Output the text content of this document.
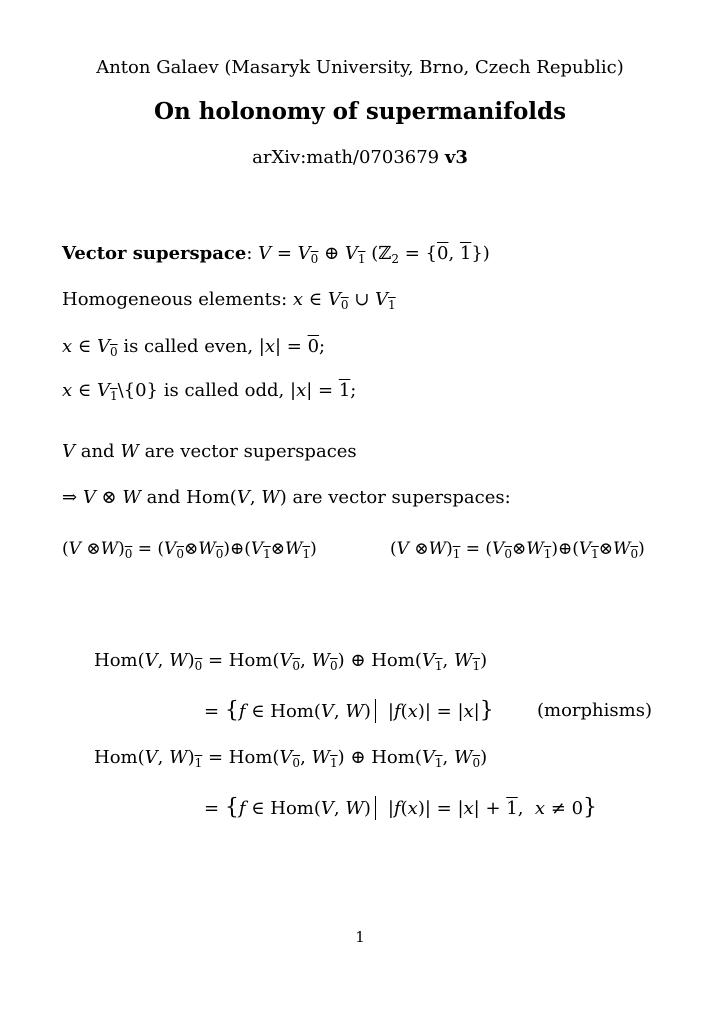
Anton Galaev (Masaryk University, Brno, Czech Republic)
On holonomy of supermanifolds
arXiv:math/0703679 v3
Vector superspace: $V = V_0$ ⊕ $V_1$ (ℤ$_2$ = {0, 1})
Homogeneous elements: x ∈ $V_0$ ∪ $V_1$
x ∈ $V_0$ is called even, |x| = 0;
x ∈ $V_1\backslash\{0\}$ is called odd, |x| = 1;
V and W are vector superspaces
⇒ V ⊗ W and Hom(V, W) are vector superspaces:
(V $\otimes W)_0$ = $(V_0\otimes W_0)\oplus(V_1\otimes W_1)$	(V $\otimes W)_1$ = $(V_0\otimes W_1)\oplus(V_1\otimes W_0)$
Hom(V, $W)_0 = Hom(V_0$, $W_0$) ⊕ $Hom(V_1$, $W_1$)
= {f ∈ Hom(V, W) |f(x)| = |x|} (morphisms)
Hom(V, $W)_1 = Hom(V_0$, $W_1$) ⊕ $Hom(V_1$, $W_0$)
= {f ∈ Hom(V, W) |f(x)| = |x| + 1,  x ≠ 0}
1
